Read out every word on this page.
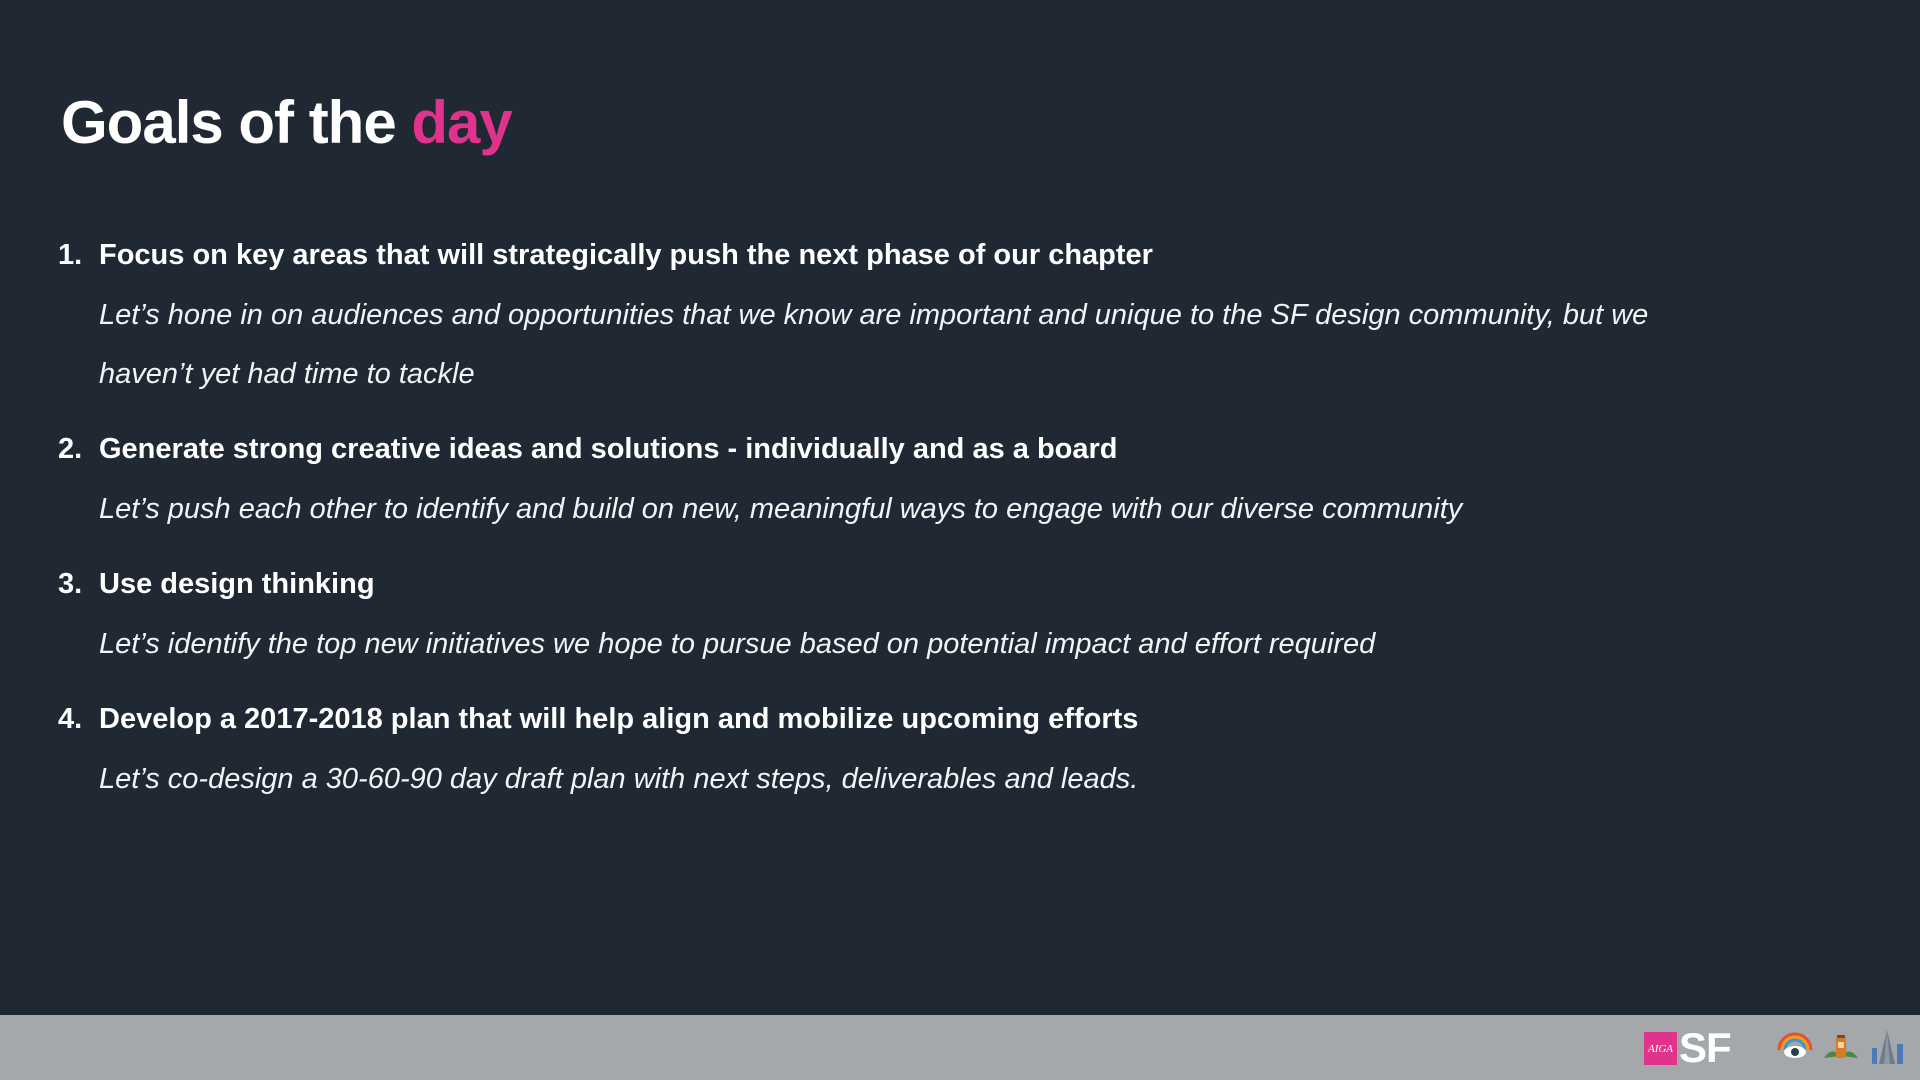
Goals of the day
1. Focus on key areas that will strategically push the next phase of our chapter
Let’s hone in on audiences and opportunities that we know are important and unique to the SF design community, but we haven’t yet had time to tackle
2. Generate strong creative ideas and solutions - individually and as a board
Let’s push each other to identify and build on new, meaningful ways to engage with our diverse community
3. Use design thinking
Let’s identify the top new initiatives we hope to pursue based on potential impact and effort required
4. Develop a 2017-2018 plan that will help align and mobilize upcoming efforts
Let’s co-design a 30-60-90 day draft plan with next steps, deliverables and leads.
AIGA SF
